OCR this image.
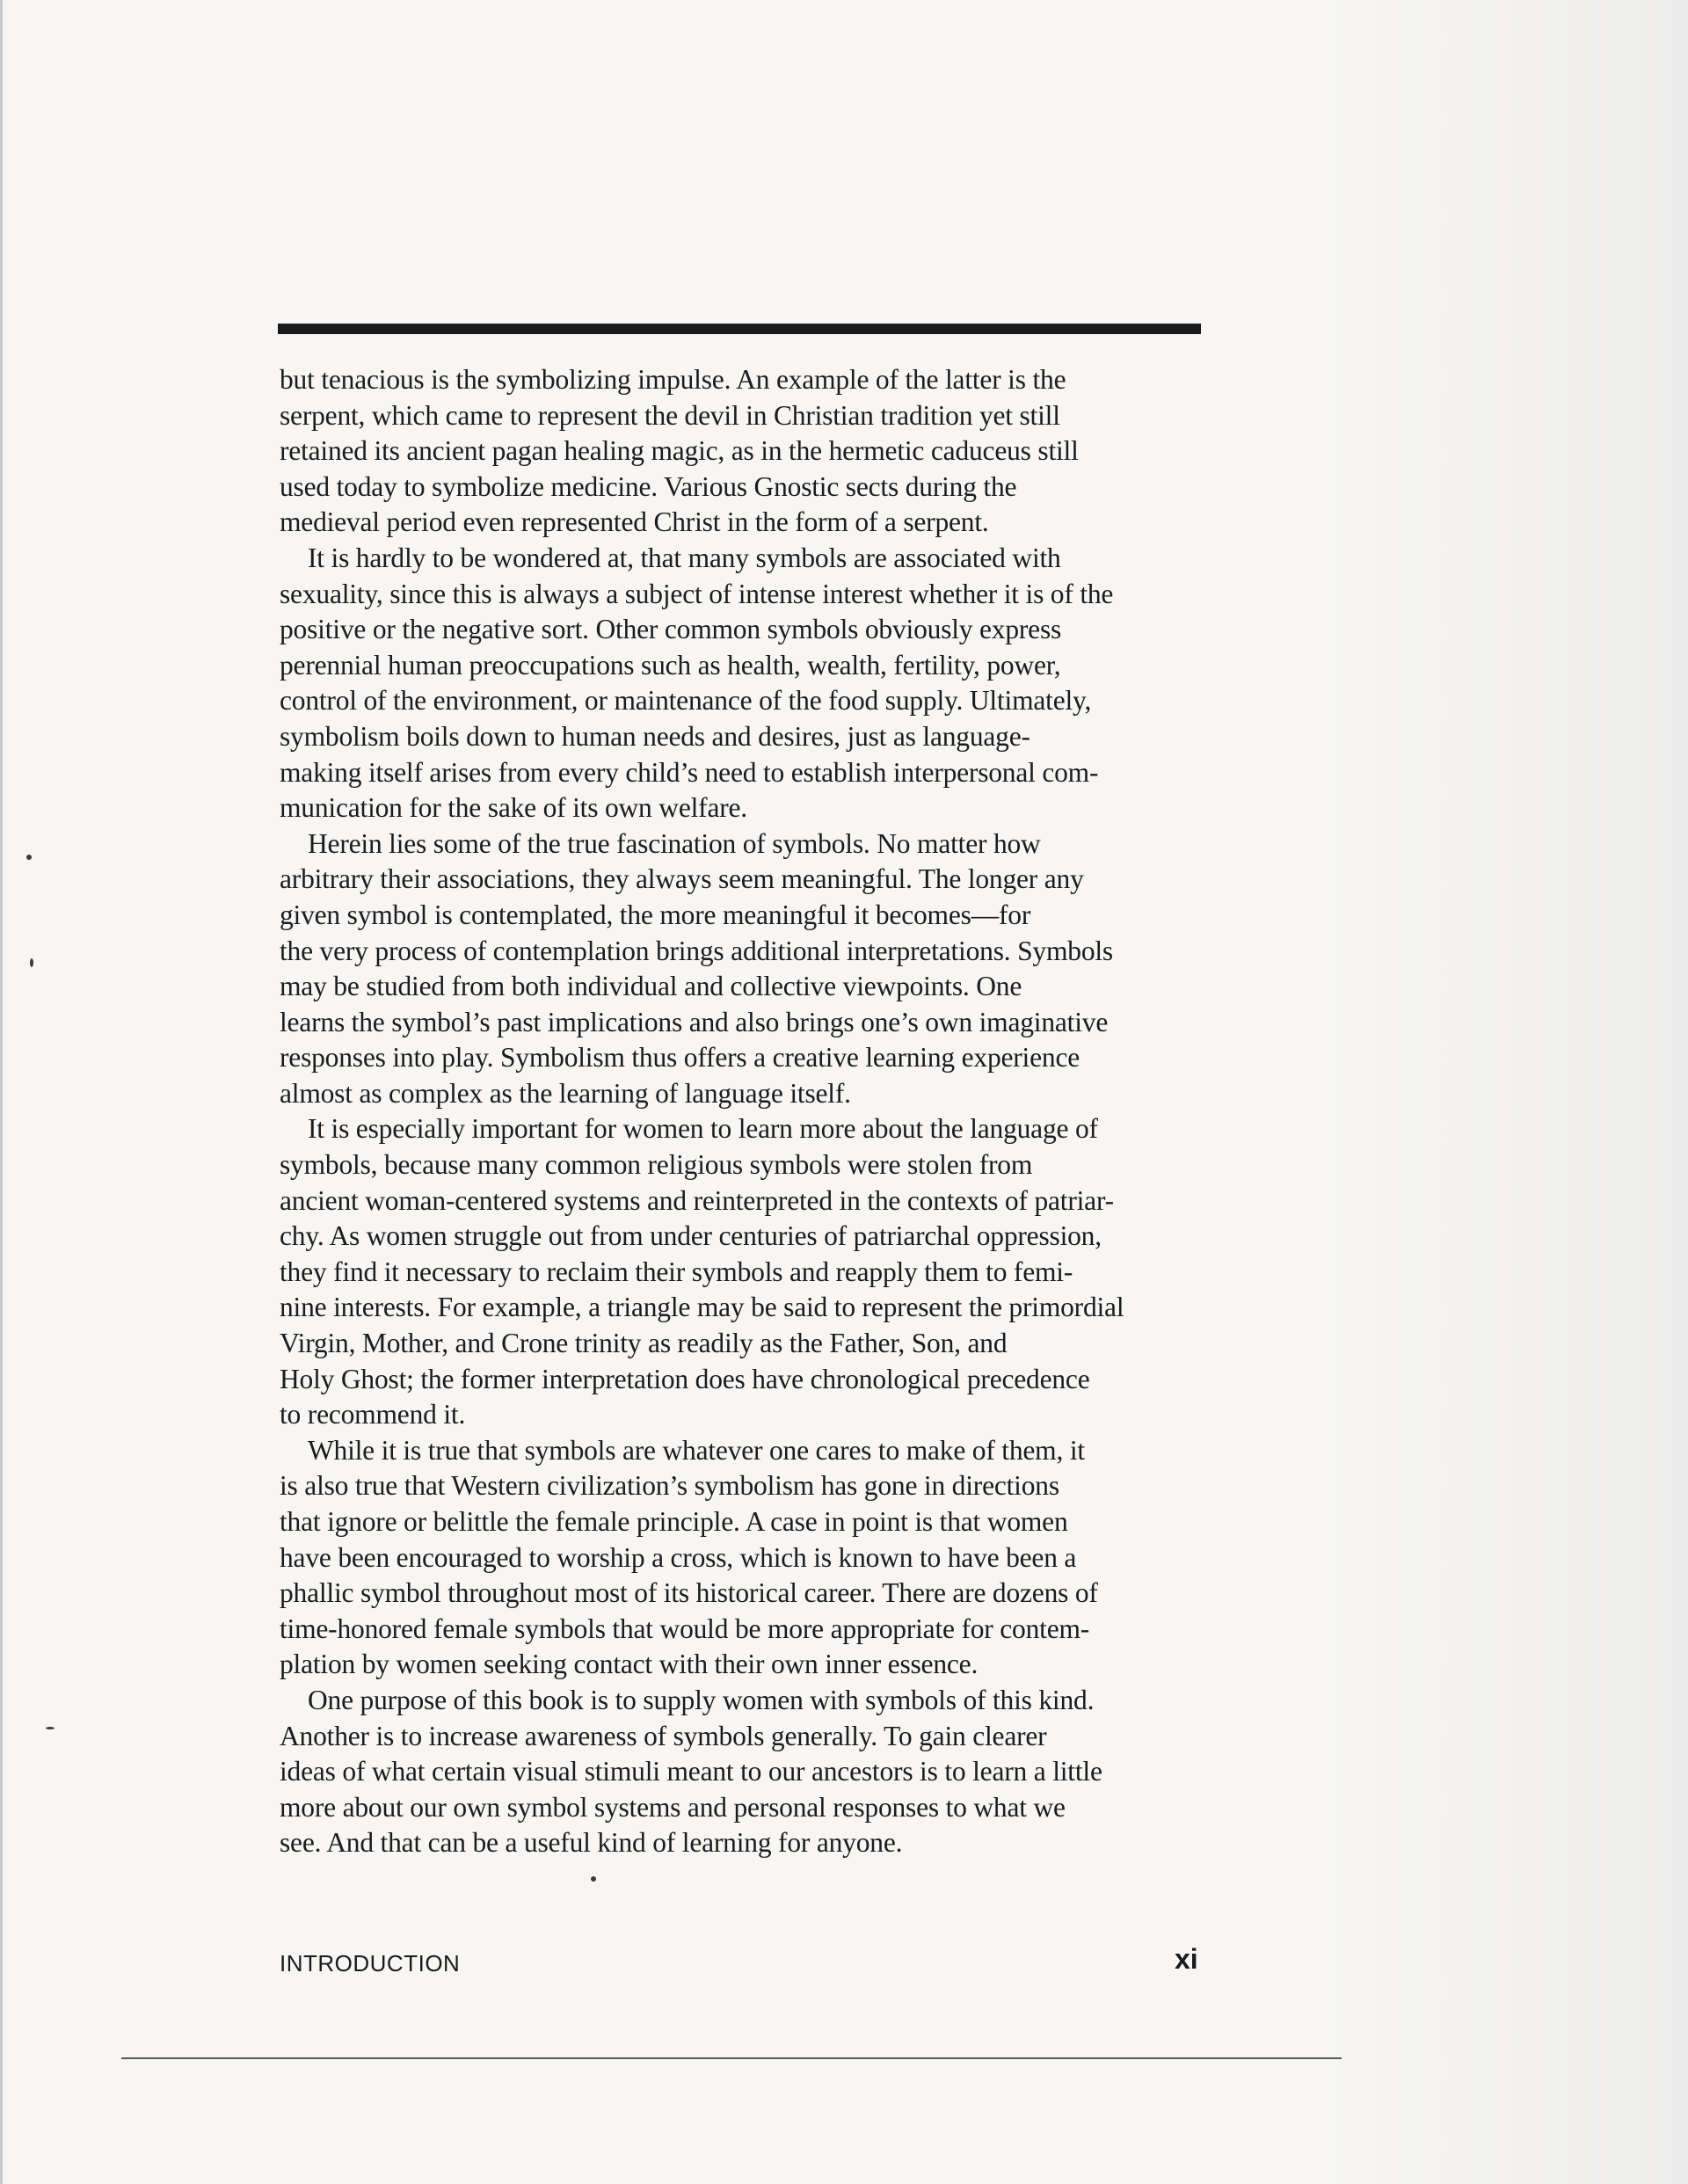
but tenacious is the symbolizing impulse. An example of the latter is the
serpent, which came to represent the devil in Christian tradition yet still
retained its ancient pagan healing magic, as in the hermetic caduceus still
used today to symbolize medicine. Various Gnostic sects during the
medieval period even represented Christ in the form of a serpent.

It is hardly to be wondered at, that many symbols are associated with
sexuality, since this is always a subject of intense interest whether it is of the
positive or the negative sort. Other common symbols obviously express
perennial human preoccupations such as health, wealth, fertility, power,
control of the environment, or maintenance of the food supply. Ultimately,
symbolism boils down to human needs and desires, just as language-
making itself arises from every child’s need to establish interpersonal com-
munication for the sake of its own welfare.

Herein lies some of the true fascination of symbols. No matter how
arbitrary their associations, they always seem meaningful. The longer any
given symbol is contemplated, the more meaningful it becomes—for
the very process of contemplation brings additional interpretations. Symbols
may be studied from both individual and collective viewpoints. One
learns the symbol’s past implications and also brings one’s own imaginative
responses into play. Symbolism thus offers a creative learning experience
almost as complex as the learning of language itself.

It is especially important for women to learn more about the language of
symbols, because many common religious symbols were stolen from
ancient woman-centered systems and reinterpreted in the contexts of patriar-
chy. As women struggle out from under centuries of patriarchal oppression,
they find it necessary to reclaim their symbols and reapply them to femi-
nine interests. For example, a triangle may be said to represent the primordial
Virgin, Mother, and Crone trinity as readily as the Father, Son, and
Holy Ghost; the former interpretation does have chronological precedence
to recommend it.

While it is true that symbols are whatever one cares to make of them, it
is also true that Western civilization’s symbolism has gone in directions
that ignore or belittle the female principle. A case in point is that women
have been encouraged to worship a cross, which is known to have been a
phallic symbol throughout most of its historical career. There are dozens of
time-honored female symbols that would be more appropriate for contem-
plation by women seeking contact with their own inner essence.

One purpose of this book is to supply women with symbols of this kind.
Another is to increase awareness of symbols generally. To gain clearer
ideas of what certain visual stimuli meant to our ancestors is to learn a little
more about our own symbol systems and personal responses to what we
see. And that can be a useful kind of learning for anyone.

INTRODUCTION	xi
